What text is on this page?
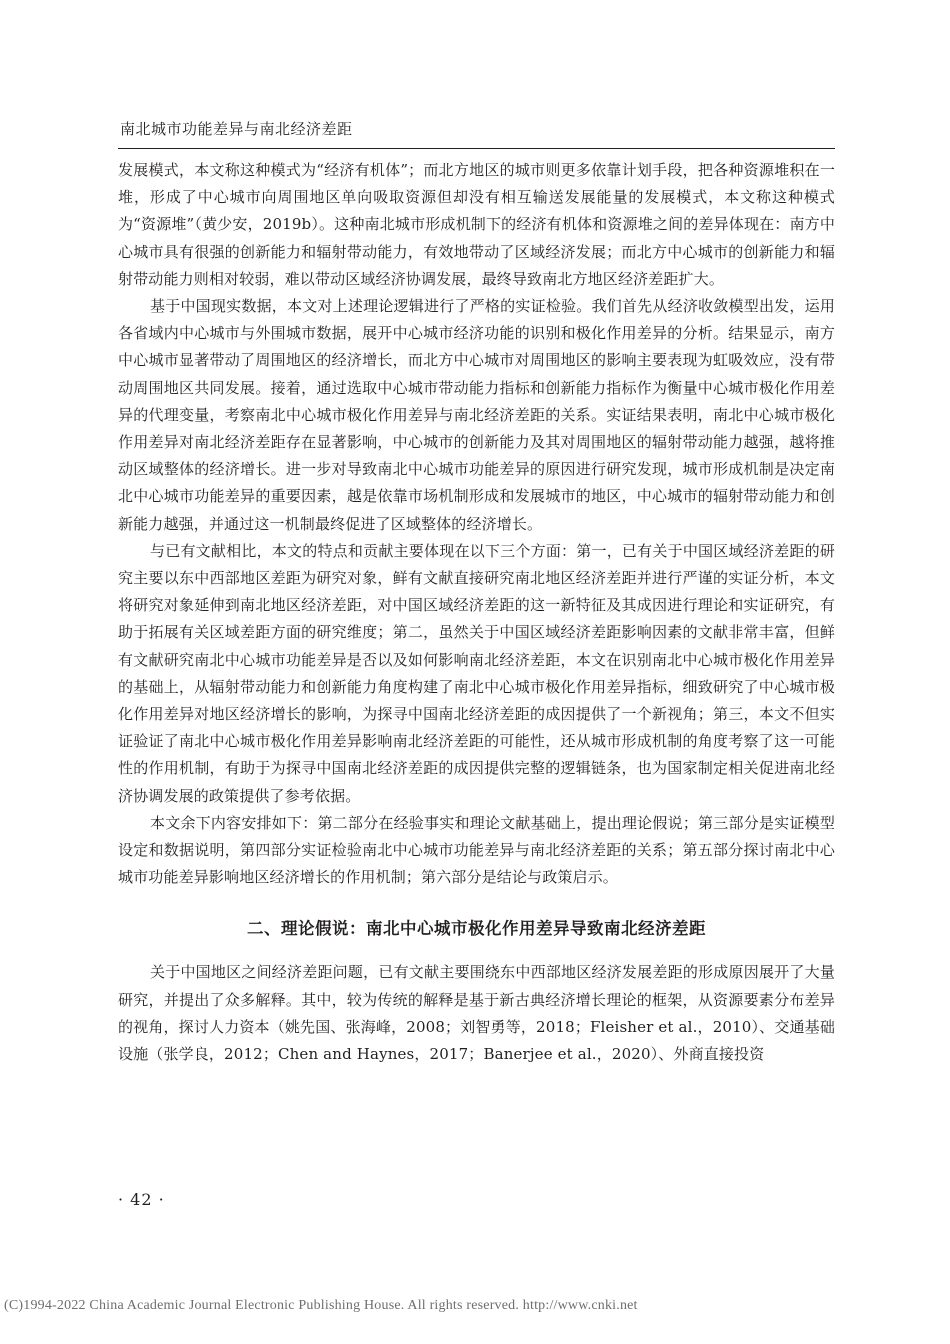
南北城市功能差异与南北经济差距

发展模式，本文称这种模式为“经济有机体”；而北方地区的城市则更多依靠计划手段，把各种资源堆积在一堆，形成了中心城市向周围地区单向吸取资源但却没有相互输送发展能量的发展模式，本文称这种模式为“资源堆”（黄少安，2019b）。这种南北城市形成机制下的经济有机体和资源堆之间的差异体现在：南方中心城市具有很强的创新能力和辐射带动能力，有效地带动了区域经济发展；而北方中心城市的创新能力和辐射带动能力则相对较弱，难以带动区域经济协调发展，最终导致南北方地区经济差距扩大。

基于中国现实数据，本文对上述理论逻辑进行了严格的实证检验。我们首先从经济收敛模型出发，运用各省域内中心城市与外围城市数据，展开中心城市经济功能的识别和极化作用差异的分析。结果显示，南方中心城市显著带动了周围地区的经济增长，而北方中心城市对周围地区的影响主要表现为虹吸效应，没有带动周围地区共同发展。接着，通过选取中心城市带动能力指标和创新能力指标作为衡量中心城市极化作用差异的代理变量，考察南北中心城市极化作用差异与南北经济差距的关系。实证结果表明，南北中心城市极化作用差异对南北经济差距存在显著影响，中心城市的创新能力及其对周围地区的辐射带动能力越强，越将推动区域整体的经济增长。进一步对导致南北中心城市功能差异的原因进行研究发现，城市形成机制是决定南北中心城市功能差异的重要因素，越是依靠市场机制形成和发展城市的地区，中心城市的辐射带动能力和创新能力越强，并通过这一机制最终促进了区域整体的经济增长。

与已有文献相比，本文的特点和贡献主要体现在以下三个方面：第一，已有关于中国区域经济差距的研究主要以东中西部地区差距为研究对象，鲜有文献直接研究南北地区经济差距并进行严谨的实证分析，本文将研究对象延伸到南北地区经济差距，对中国区域经济差距的这一新特征及其成因进行理论和实证研究，有助于拓展有关区域差距方面的研究维度；第二，虽然关于中国区域经济差距影响因素的文献非常丰富，但鲜有文献研究南北中心城市功能差异是否以及如何影响南北经济差距，本文在识别南北中心城市极化作用差异的基础上，从辐射带动能力和创新能力角度构建了南北中心城市极化作用差异指标，细致研究了中心城市极化作用差异对地区经济增长的影响，为探寻中国南北经济差距的成因提供了一个新视角；第三，本文不但实证验证了南北中心城市极化作用差异影响南北经济差距的可能性，还从城市形成机制的角度考察了这一可能性的作用机制，有助于为探寻中国南北经济差距的成因提供完整的逻辑链条，也为国家制定相关促进南北经济协调发展的政策提供了参考依据。

本文余下内容安排如下：第二部分在经验事实和理论文献基础上，提出理论假说；第三部分是实证模型设定和数据说明，第四部分实证检验南北中心城市功能差异与南北经济差距的关系；第五部分探讨南北中心城市功能差异影响地区经济增长的作用机制；第六部分是结论与政策启示。

二、理论假说：南北中心城市极化作用差异导致南北经济差距

关于中国地区之间经济差距问题，已有文献主要围绕东中西部地区经济发展差距的形成原因展开了大量研究，并提出了众多解释。其中，较为传统的解释是基于新古典经济增长理论的框架，从资源要素分布差异的视角，探讨人力资本（姚先国、张海峰，2008；刘智勇等，2018；Fleisher et al.，2010）、交通基础设施（张学良，2012；Chen and Haynes，2017；Banerjee et al.，2020）、外商直接投资

· 42 ·
(C)1994-2022 China Academic Journal Electronic Publishing House. All rights reserved. http://www.cnki.net
